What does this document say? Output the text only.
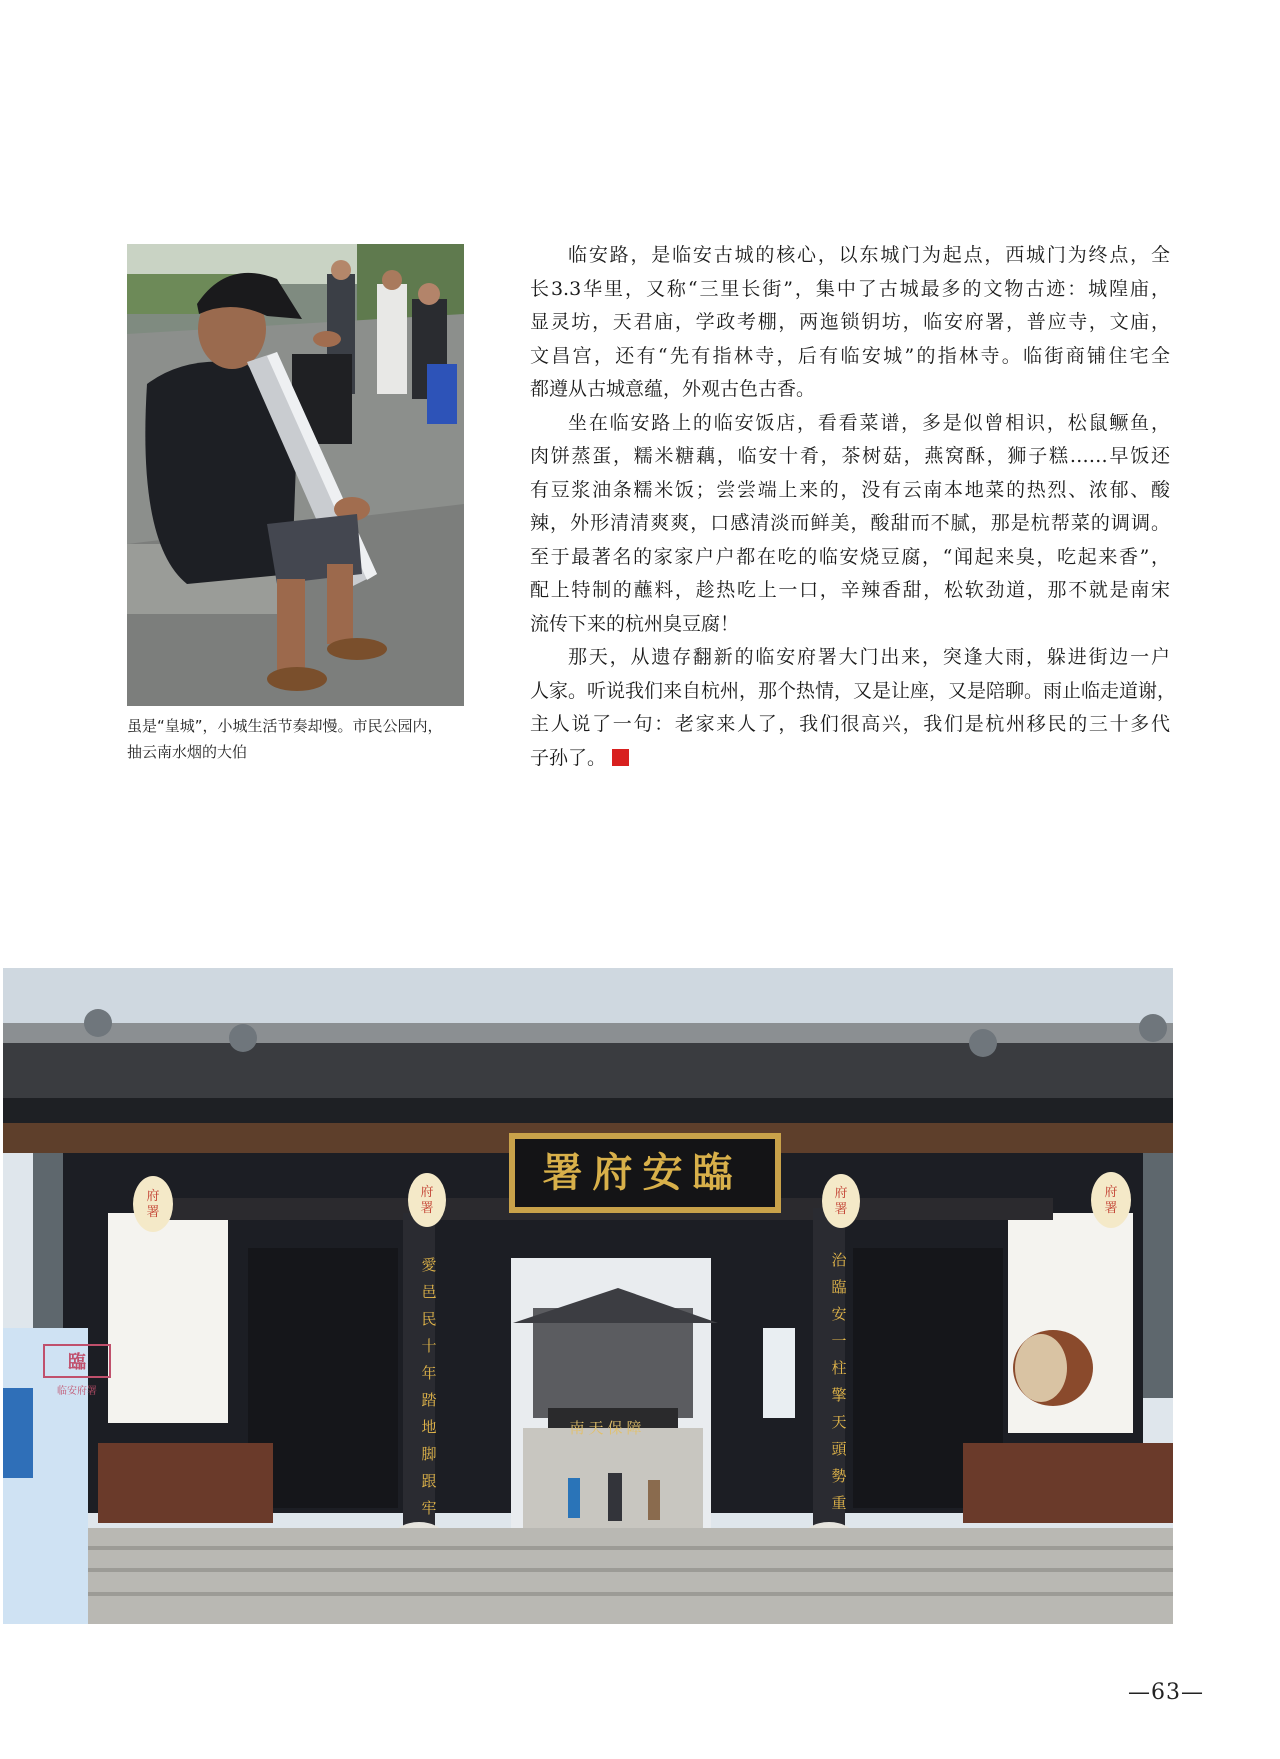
虽是“皇城”，小城生活节奏却慢。市民公园内，
抽云南水烟的大伯
临安路，是临安古城的核心，以东城门为起点，西城门为终点，全
长3.3华里，又称“三里长街”，集中了古城最多的文物古迹：城隍庙，
显灵坊，天君庙，学政考棚，两迤锁钥坊，临安府署，普应寺，文庙，
文昌宫，还有“先有指林寺，后有临安城”的指林寺。临街商铺住宅全
都遵从古城意蕴，外观古色古香。
坐在临安路上的临安饭店，看看菜谱，多是似曾相识，松鼠鳜鱼，
肉饼蒸蛋，糯米糖藕，临安十肴，茶树菇，燕窝酥，狮子糕……早饭还
有豆浆油条糯米饭；尝尝端上来的，没有云南本地菜的热烈、浓郁、酸
辣，外形清清爽爽，口感清淡而鲜美，酸甜而不腻，那是杭帮菜的调调。
至于最著名的家家户户都在吃的临安烧豆腐，“闻起来臭，吃起来香”，
配上特制的蘸料，趁热吃上一口，辛辣香甜，松软劲道，那不就是南宋
流传下来的杭州臭豆腐！
那天，从遗存翻新的临安府署大门出来，突逢大雨，躲进街边一户
人家。听说我们来自杭州，那个热情，又是让座，又是陪聊。雨止临走道谢，
主人说了一句：老家来人了，我们很高兴，我们是杭州移民的三十多代
子孙了。
署府安臨
南天保障
愛邑民十年踏地脚跟牢
治臨安一柱擎天頭勢重
府署
府署
府署
府署
臨
临安府署
—63—
